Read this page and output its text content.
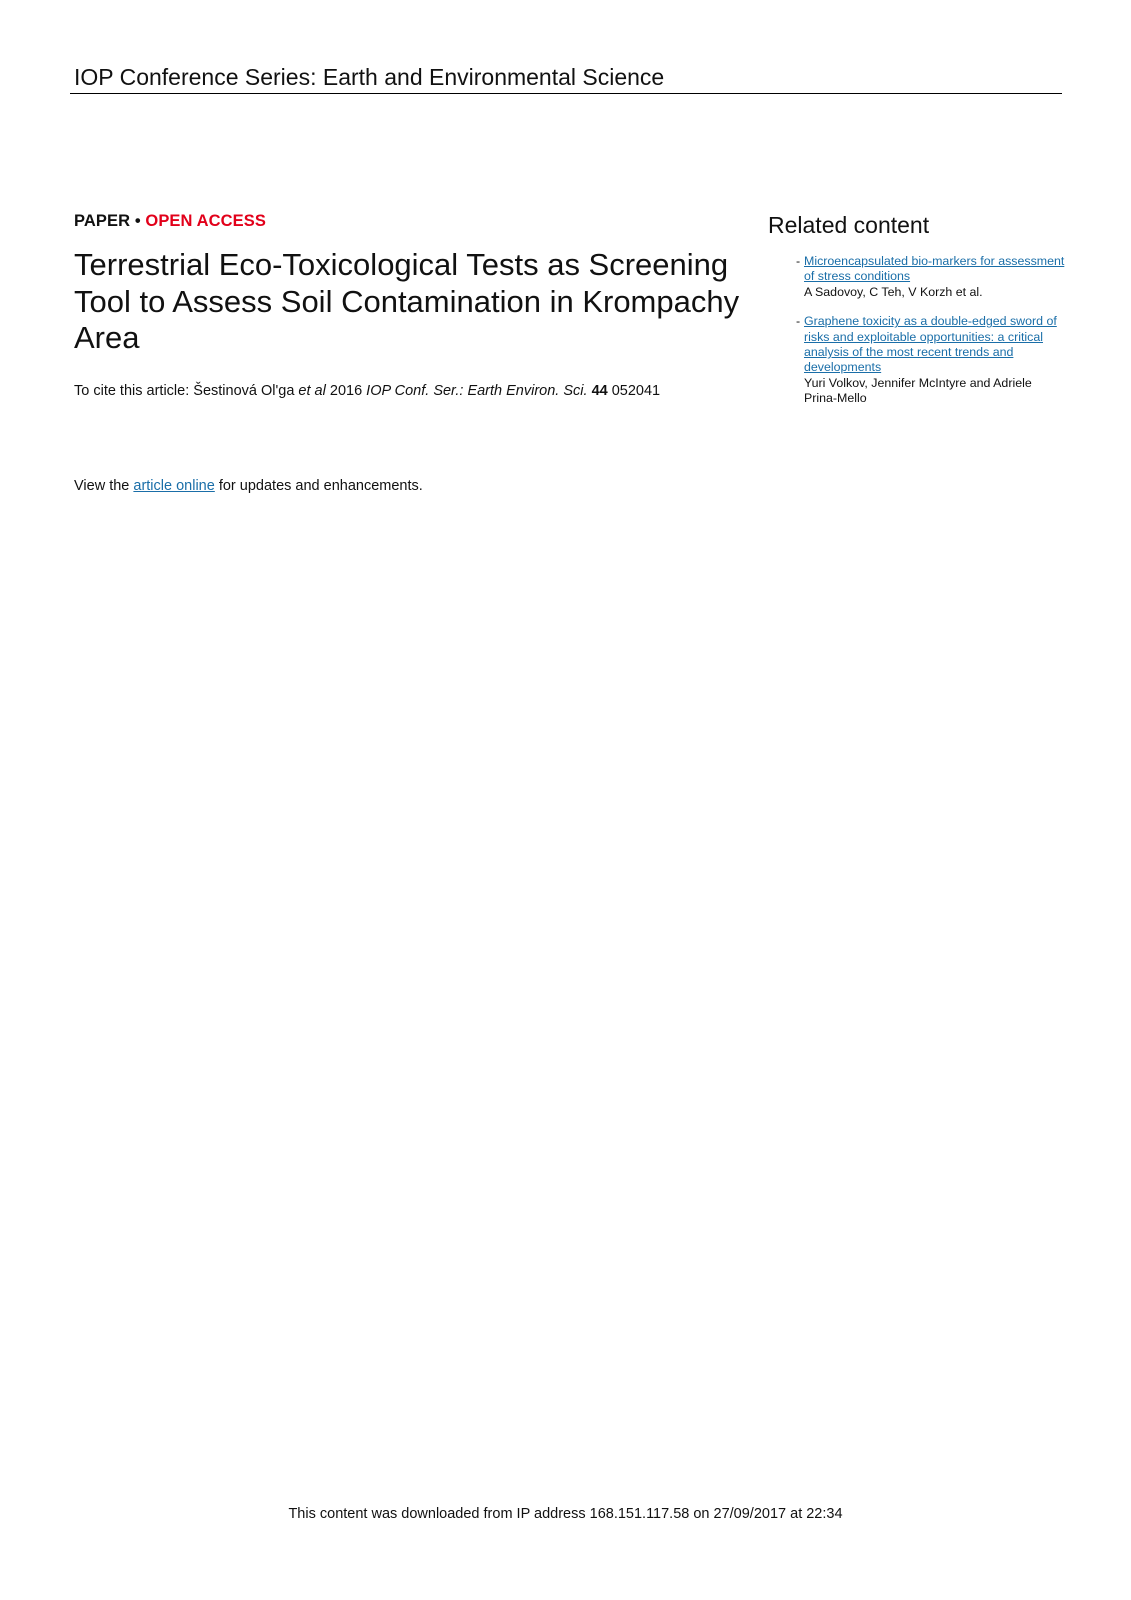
IOP Conference Series: Earth and Environmental Science
PAPER • OPEN ACCESS
Terrestrial Eco-Toxicological Tests as Screening Tool to Assess Soil Contamination in Krompachy Area
To cite this article: Šestinová Ol'ga et al 2016 IOP Conf. Ser.: Earth Environ. Sci. 44 052041
View the article online for updates and enhancements.
Related content
- Microencapsulated bio-markers for assessment of stress conditions
A Sadovoy, C Teh, V Korzh et al.
- Graphene toxicity as a double-edged sword of risks and exploitable opportunities: a critical analysis of the most recent trends and developments
Yuri Volkov, Jennifer McIntyre and Adriele Prina-Mello
This content was downloaded from IP address 168.151.117.58 on 27/09/2017 at 22:34
